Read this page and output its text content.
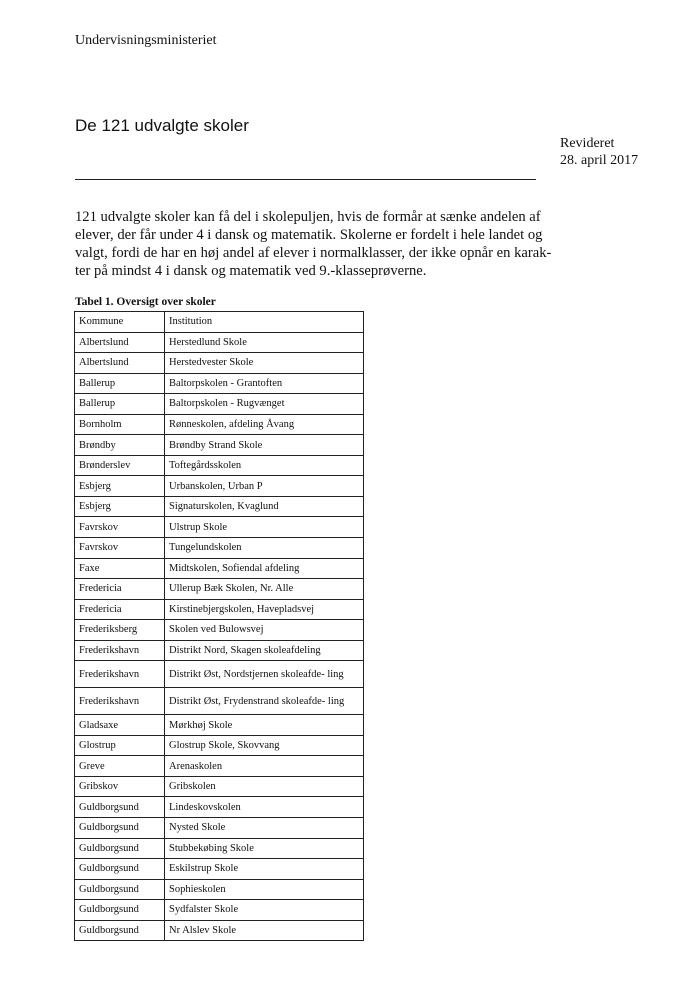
Undervisningsministeriet
De 121 udvalgte skoler
Revideret
28. april 2017

121 udvalgte skoler kan få del i skolepuljen, hvis de formår at sænke andelen af
elever, der får under 4 i dansk og matematik. Skolerne er fordelt i hele landet og
valgt, fordi de har en høj andel af elever i normalklasser, der ikke opnår en karak-
ter på mindst 4 i dansk og matematik ved 9.-klasseprøverne.

Tabel 1. Oversigt over skoler
Kommune	Institution
Albertslund	Herstedlund Skole
Albertslund	Herstedvester Skole
Ballerup	Baltorpskolen - Grantoften
Ballerup	Baltorpskolen - Rugvænget
Bornholm	Rønneskolen, afdeling Åvang
Brøndby	Brøndby Strand Skole
Brønderslev	Toftegårdsskolen
Esbjerg	Urbanskolen, Urban P
Esbjerg	Signaturskolen, Kvaglund
Favrskov	Ulstrup Skole
Favrskov	Tungelundskolen
Faxe	Midtskolen, Sofiendal afdeling
Fredericia	Ullerup Bæk Skolen, Nr. Alle
Fredericia	Kirstinebjergskolen, Havepladsvej
Frederiksberg	Skolen ved Bulowsvej
Frederikshavn	Distrikt Nord, Skagen skoleafdeling
Frederikshavn	Distrikt Øst, Nordstjernen skoleafde- ling
Frederikshavn	Distrikt Øst, Frydenstrand skoleafde- ling
Gladsaxe	Mørkhøj Skole
Glostrup	Glostrup Skole, Skovvang
Greve	Arenaskolen
Gribskov	Gribskolen
Guldborgsund	Lindeskovskolen
Guldborgsund	Nysted Skole
Guldborgsund	Stubbekøbing Skole
Guldborgsund	Eskilstrup Skole
Guldborgsund	Sophieskolen
Guldborgsund	Sydfalster Skole
Guldborgsund	Nr Alslev Skole
